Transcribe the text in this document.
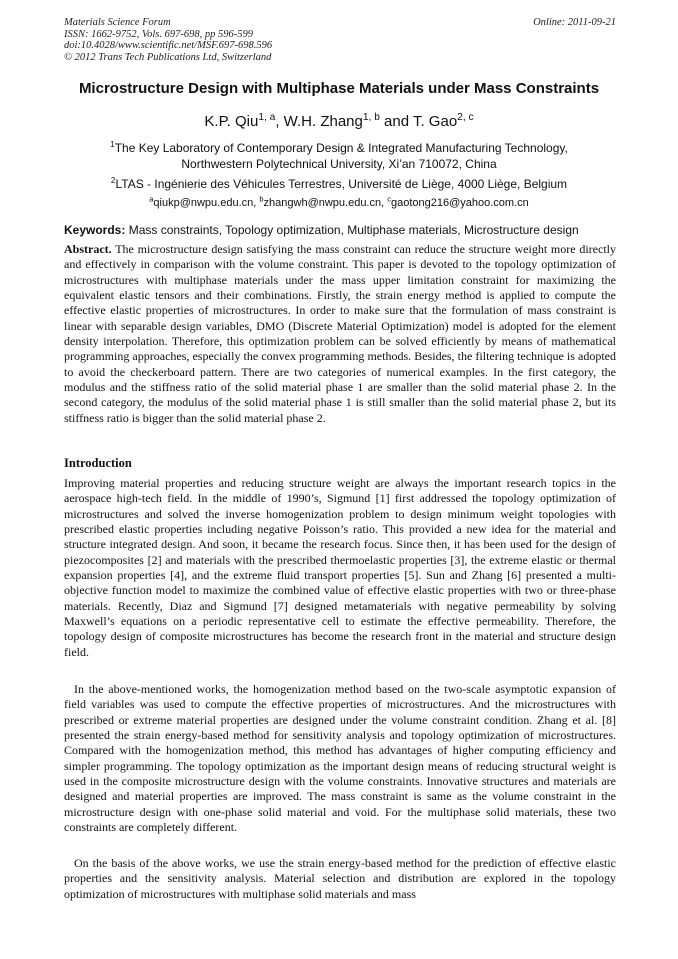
Materials Science Forum
ISSN: 1662-9752, Vols. 697-698, pp 596-599
doi:10.4028/www.scientific.net/MSF.697-698.596
© 2012 Trans Tech Publications Ltd, Switzerland
Online: 2011-09-21
Microstructure Design with Multiphase Materials under Mass Constraints
K.P. Qiu$^{1, a}$, W.H. Zhang$^{1, b}$ and T. Gao$^{2, c}$
$^1$The Key Laboratory of Contemporary Design & Integrated Manufacturing Technology,
Northwestern Polytechnical University, Xi’an 710072, China
$^2$LTAS - Ingénierie des Véhicules Terrestres, Université de Liège, 4000 Liège, Belgium
$^a$qiukp@nwpu.edu.cn, $^b$zhangwh@nwpu.edu.cn, $^c$gaotong216@yahoo.com.cn
Keywords: Mass constraints, Topology optimization, Multiphase materials, Microstructure design

Abstract. The microstructure design satisfying the mass constraint can reduce the structure weight more directly and effectively in comparison with the volume constraint. This paper is devoted to the topology optimization of microstructures with multiphase materials under the mass upper limitation constraint for maximizing the equivalent elastic tensors and their combinations. Firstly, the strain energy method is applied to compute the effective elastic properties of microstructures. In order to make sure that the formulation of mass constraint is linear with separable design variables, DMO (Discrete Material Optimization) model is adopted for the element density interpolation. Therefore, this optimization problem can be solved efficiently by means of mathematical programming approaches, especially the convex programming methods. Besides, the filtering technique is adopted to avoid the checkerboard pattern. There are two categories of numerical examples. In the first category, the modulus and the stiffness ratio of the solid material phase 1 are smaller than the solid material phase 2. In the second category, the modulus of the solid material phase 1 is still smaller than the solid material phase 2, but its stiffness ratio is bigger than the solid material phase 2.

Introduction

Improving material properties and reducing structure weight are always the important research topics in the aerospace high-tech field. In the middle of 1990’s, Sigmund [1] first addressed the topology optimization of microstructures and solved the inverse homogenization problem to design minimum weight topologies with prescribed elastic properties including negative Poisson’s ratio. This provided a new idea for the material and structure integrated design. And soon, it became the research focus. Since then, it has been used for the design of piezocomposites [2] and materials with the prescribed thermoelastic properties [3], the extreme elastic or thermal expansion properties [4], and the extreme fluid transport properties [5]. Sun and Zhang [6] presented a multi-objective function model to maximize the combined value of effective elastic properties with two or three-phase materials. Recently, Diaz and Sigmund [7] designed metamaterials with negative permeability by solving Maxwell’s equations on a periodic representative cell to estimate the effective permeability. Therefore, the topology design of composite microstructures has become the research front in the material and structure design field.

In the above-mentioned works, the homogenization method based on the two-scale asymptotic expansion of field variables was used to compute the effective properties of microstructures. And the microstructures with prescribed or extreme material properties are designed under the volume constraint condition. Zhang et al. [8] presented the strain energy-based method for sensitivity analysis and topology optimization of microstructures. Compared with the homogenization method, this method has advantages of higher computing efficiency and simpler programming. The topology optimization as the important design means of reducing structural weight is used in the composite microstructure design with the volume constraints. Innovative structures and materials are designed and material properties are improved. The mass constraint is same as the volume constraint in the microstructure design with one-phase solid material and void. For the multiphase solid materials, these two constraints are completely different.

On the basis of the above works, we use the strain energy-based method for the prediction of effective elastic properties and the sensitivity analysis. Material selection and distribution are explored in the topology optimization of microstructures with multiphase solid materials and mass
